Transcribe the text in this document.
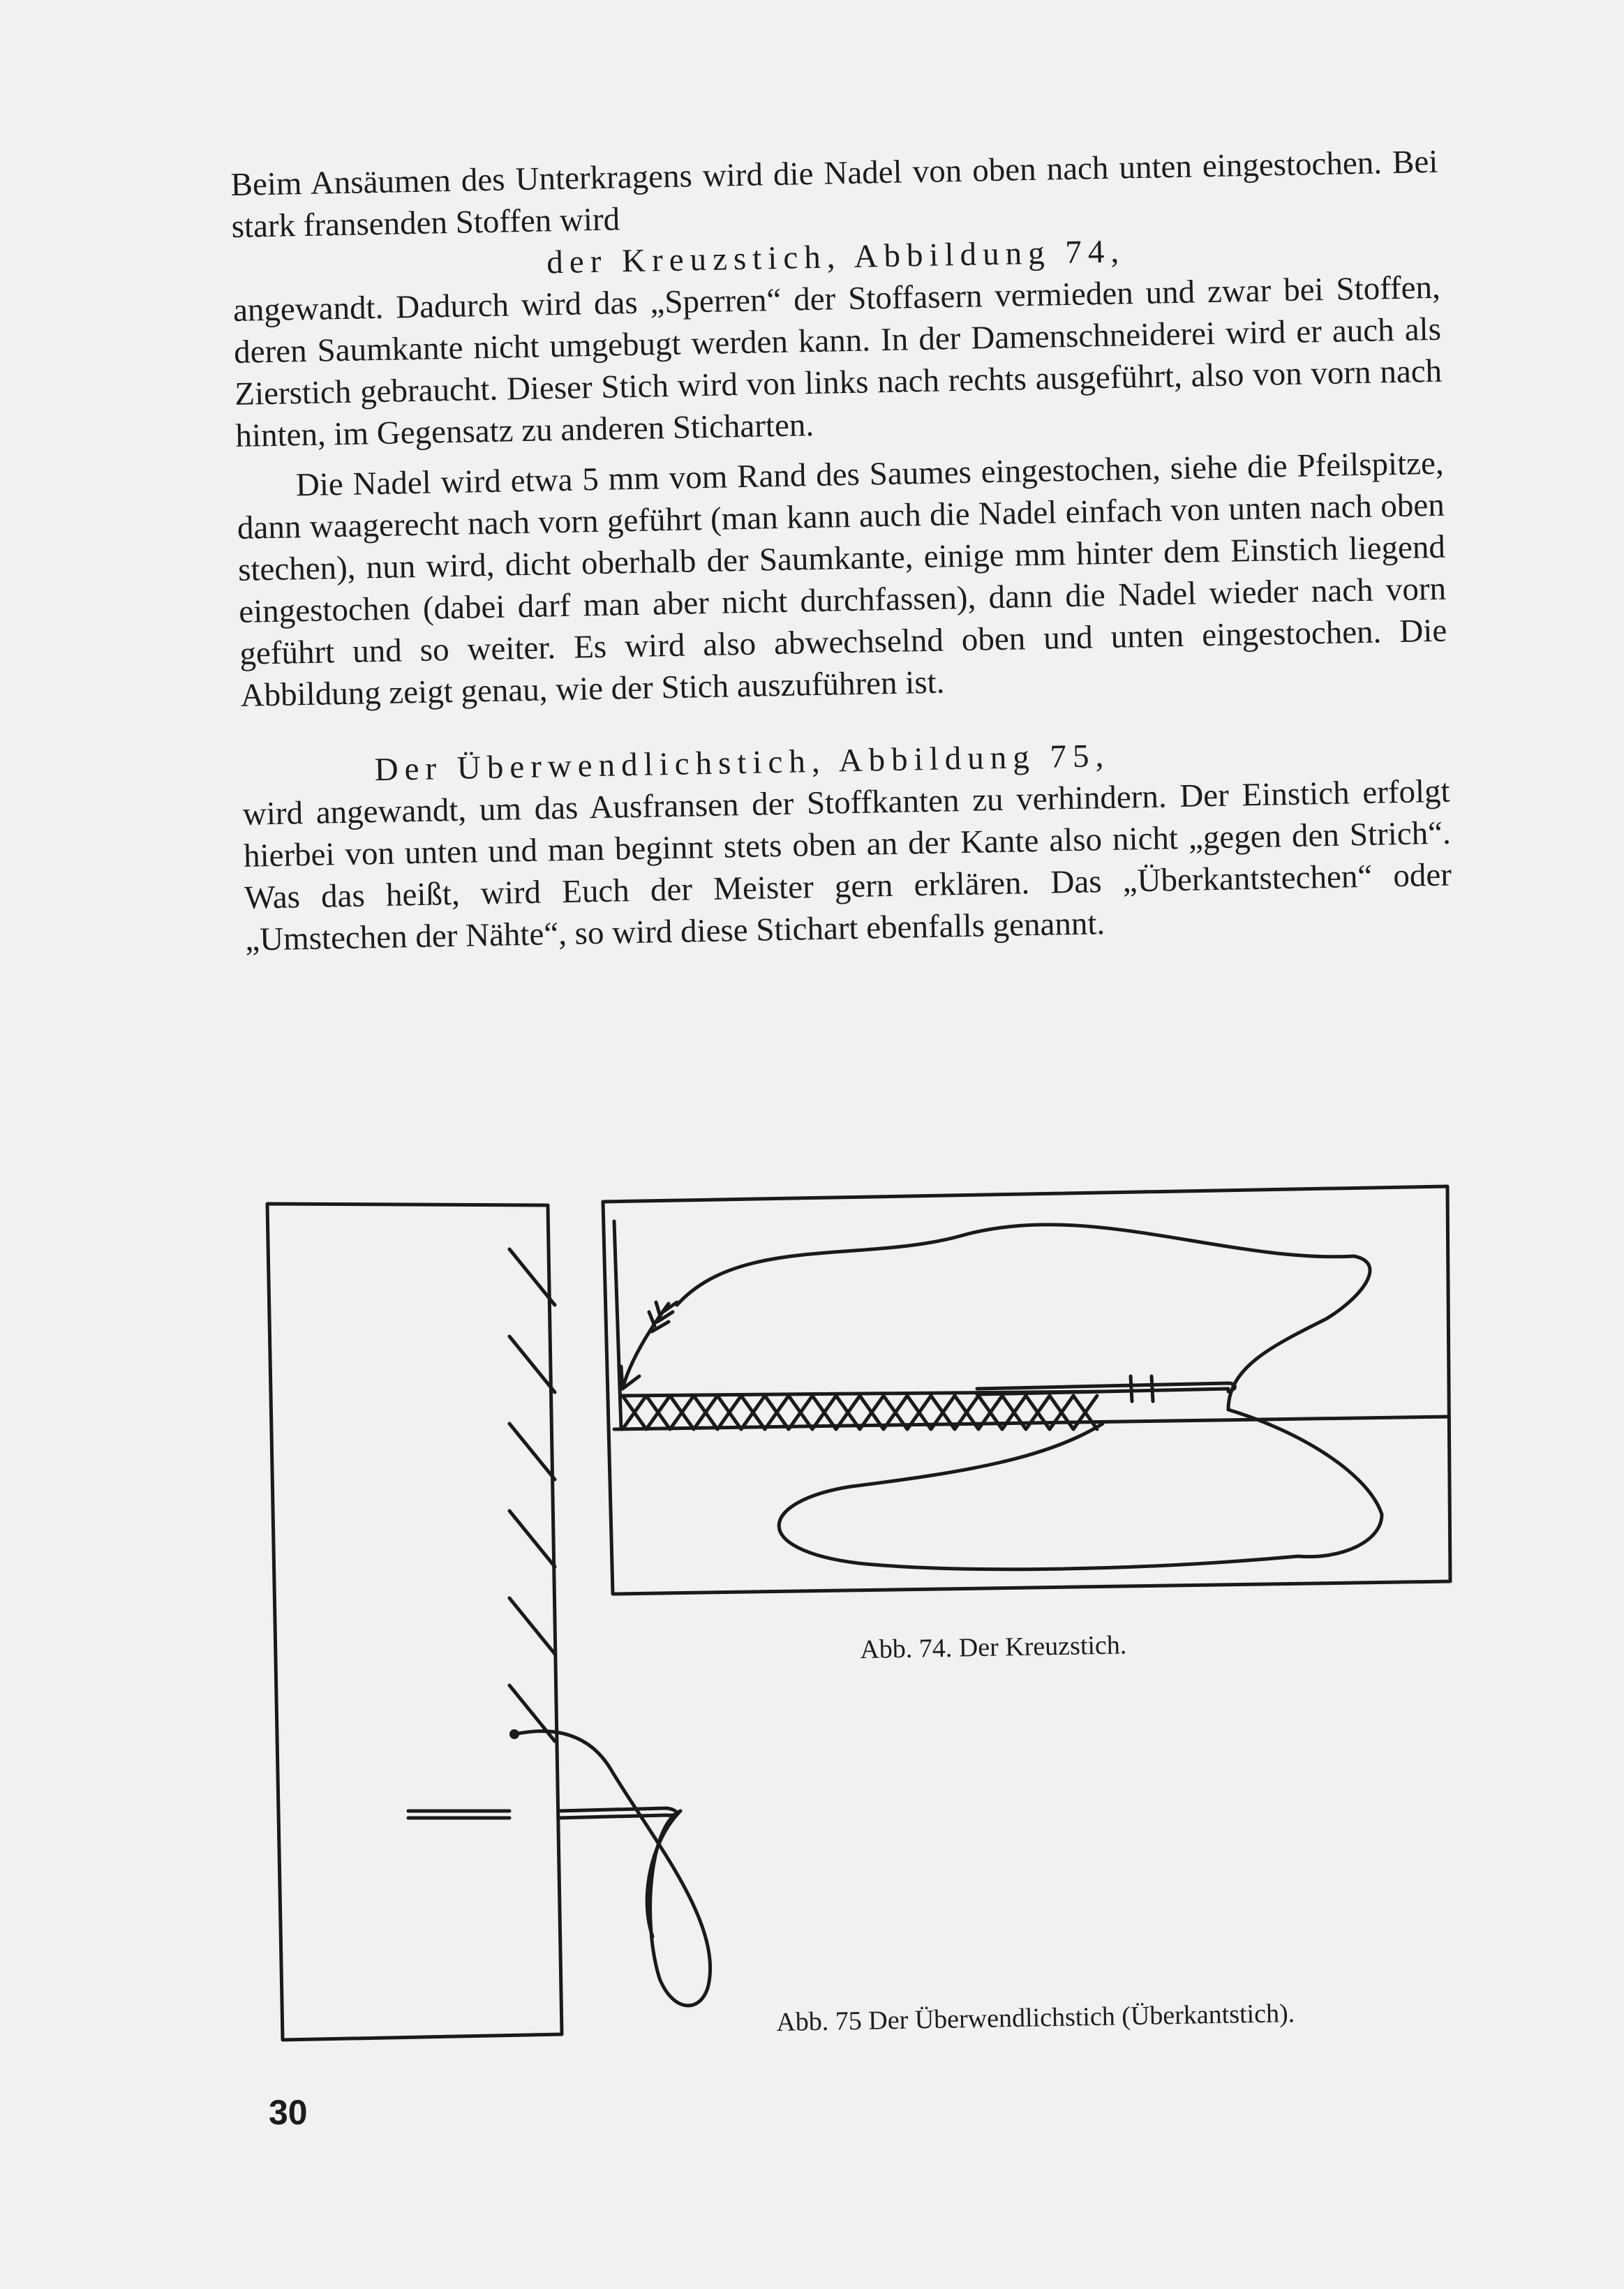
Beim Ansäumen des Unterkragens wird die Nadel von oben nach unten eingestochen. Bei stark fransenden Stoffen wird

der Kreuzstich, Abbildung 74,

angewandt. Dadurch wird das „Sperren“ der Stoffasern vermieden und zwar bei Stoffen, deren Saumkante nicht umgebugt werden kann. In der Damenschneiderei wird er auch als Zierstich gebraucht. Dieser Stich wird von links nach rechts ausgeführt, also von vorn nach hinten, im Gegensatz zu anderen Sticharten.

Die Nadel wird etwa 5 mm vom Rand des Saumes eingestochen, siehe die Pfeilspitze, dann waagerecht nach vorn geführt (man kann auch die Nadel einfach von unten nach oben stechen), nun wird, dicht oberhalb der Saumkante, einige mm hinter dem Einstich liegend eingestochen (dabei darf man aber nicht durchfassen), dann die Nadel wieder nach vorn geführt und so weiter. Es wird also abwechselnd oben und unten eingestochen. Die Abbildung zeigt genau, wie der Stich auszuführen ist.

Der Überwendlichstich, Abbildung 75,

wird angewandt, um das Ausfransen der Stoffkanten zu verhindern. Der Einstich erfolgt hierbei von unten und man beginnt stets oben an der Kante also nicht „gegen den Strich“. Was das heißt, wird Euch der Meister gern erklären. Das „Überkantstechen“ oder „Umstechen der Nähte“, so wird diese Stichart ebenfalls genannt.

Abb. 74. Der Kreuzstich.
Abb. 75 Der Überwendlichstich (Überkantstich).
30
